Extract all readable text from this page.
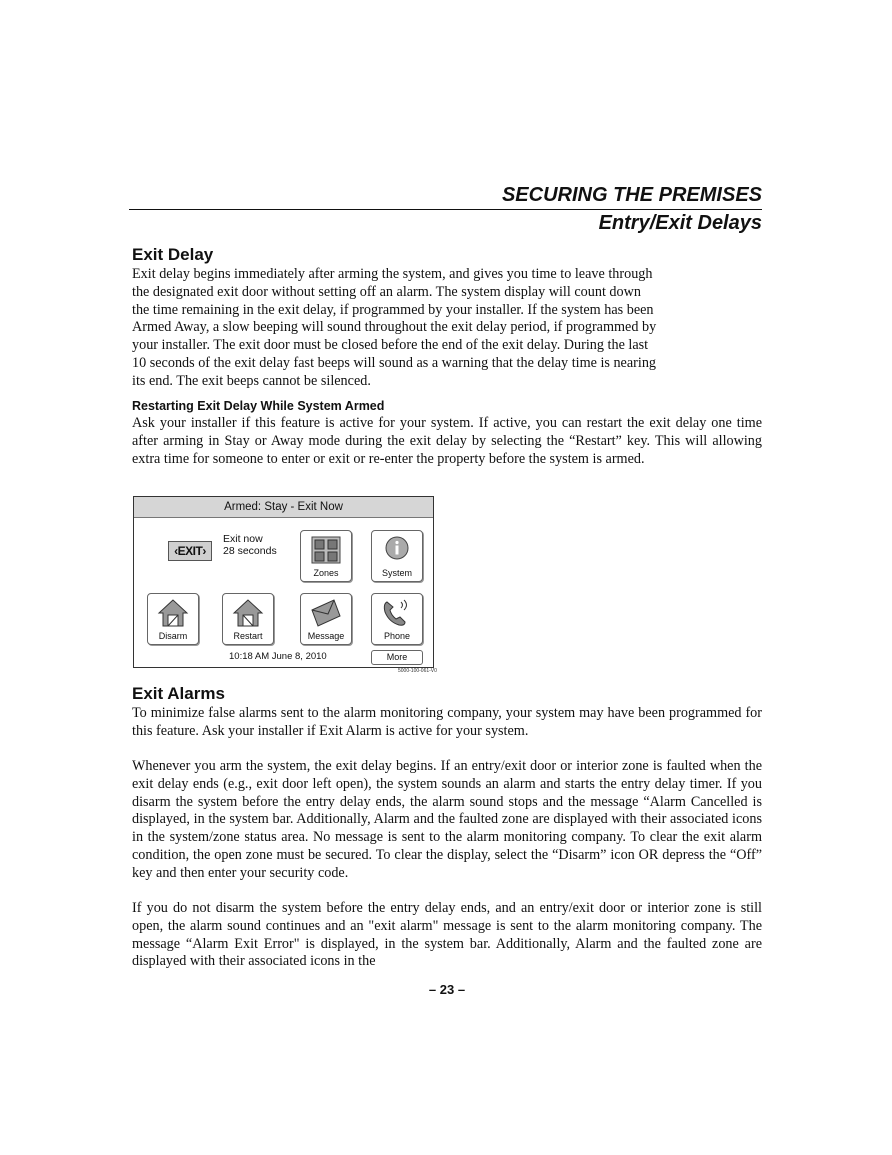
SECURING THE PREMISES
Entry/Exit Delays
Exit Delay
Exit delay begins immediately after arming the system, and gives you time to leave through
the designated exit door without setting off an alarm. The system display will count down
the time remaining in the exit delay, if programmed by your installer. If the system has been
Armed Away, a slow beeping will sound throughout the exit delay period, if programmed by
your installer. The exit door must be closed before the end of the exit delay. During the last
10 seconds of the exit delay fast beeps will sound as a warning that the delay time is nearing
its end. The exit beeps cannot be silenced.
Restarting Exit Delay While System Armed

Ask your installer if this feature is active for your system. If active, you can restart the exit delay one time after arming in Stay or Away mode during the exit delay by selecting the “Restart” key. This will allowing extra time for someone to enter or exit or re-enter the property before the system is armed.

Exit Alarms

To minimize false alarms sent to the alarm monitoring company, your system may have been programmed for this feature. Ask your installer if Exit Alarm is active for your system.

Whenever you arm the system, the exit delay begins. If an entry/exit door or interior zone is faulted when the exit delay ends (e.g., exit door left open), the system sounds an alarm and starts the entry delay timer. If you disarm the system before the entry delay ends, the alarm sound stops and the message “Alarm Cancelled is displayed, in the system bar. Additionally, Alarm and the faulted zone are displayed with their associated icons in the system/zone status area. No message is sent to the alarm monitoring company. To clear the exit alarm condition, the open zone must be secured. To clear the display, select the “Disarm” icon OR depress the “Off” key and then enter your security code.

If you do not disarm the system before the entry delay ends, and an entry/exit door or interior zone is still open, the alarm sound continues and an "exit alarm" message is sent to the alarm monitoring company. The message “Alarm Exit Error" is displayed, in the system bar. Additionally, Alarm and the faulted zone are displayed with their associated icons in the

– 23 –
Armed: Stay - Exit Now
‹EXIT›
Exit now
28 seconds
Zones	System
Disarm	Restart	Message	Phone
10:18 AM June 8, 2010	More
5000-100-061-V0
